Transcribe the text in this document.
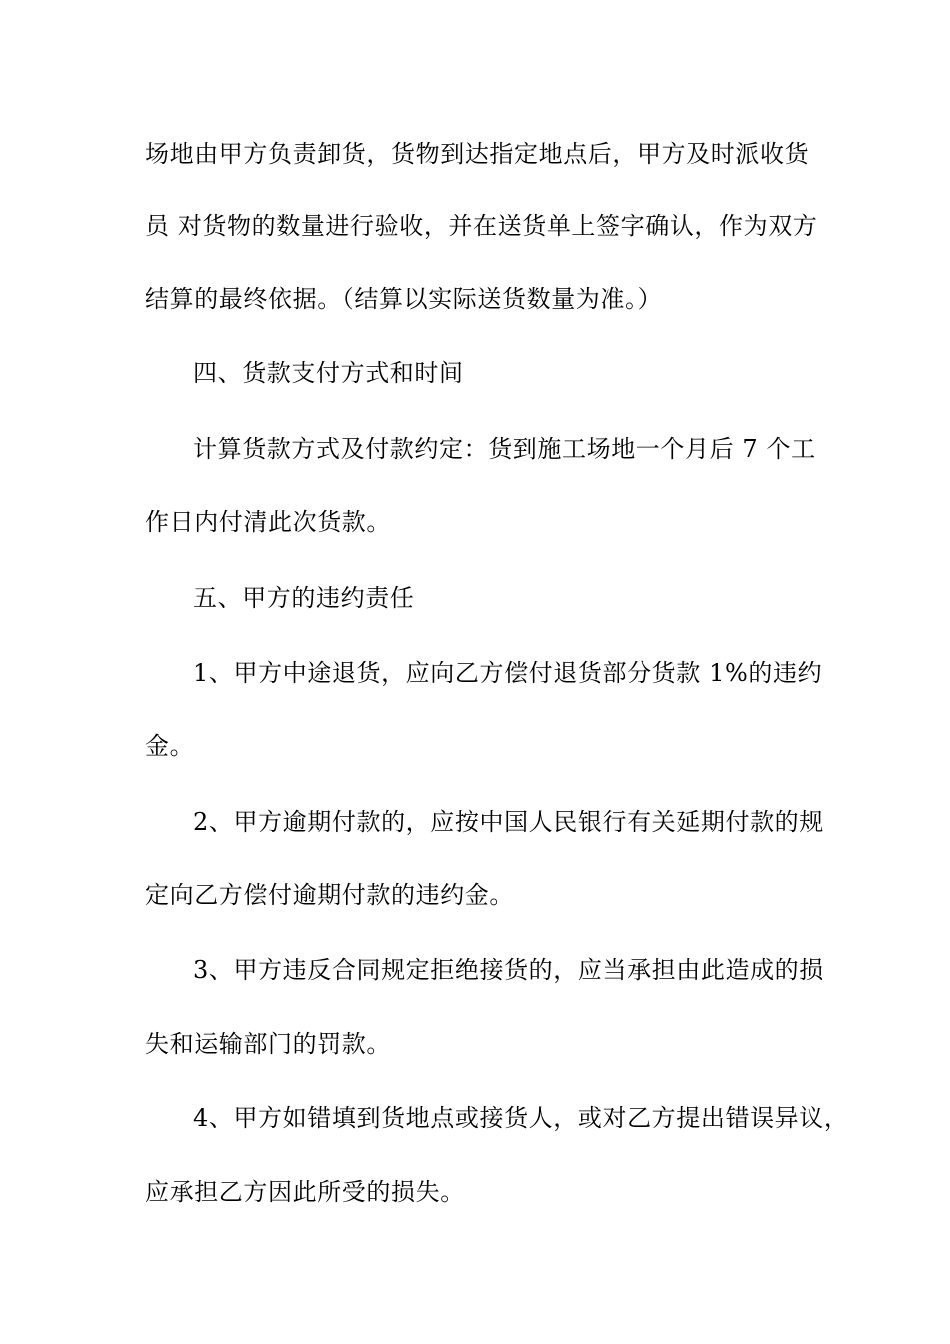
场地由甲方负责卸货，货物到达指定地点后，甲方及时派收货
员 对货物的数量进行验收，并在送货单上签字确认，作为双方
结算的最终依据。（结算以实际送货数量为准。）
四、货款支付方式和时间
计算货款方式及付款约定：货到施工场地一个月后 7 个工
作日内付清此次货款。
五、甲方的违约责任
1、甲方中途退货，应向乙方偿付退货部分货款 1%的违约
金。
2、甲方逾期付款的，应按中国人民银行有关延期付款的规
定向乙方偿付逾期付款的违约金。
3、甲方违反合同规定拒绝接货的，应当承担由此造成的损
失和运输部门的罚款。
4、甲方如错填到货地点或接货人，或对乙方提出错误异议，
应承担乙方因此所受的损失。
